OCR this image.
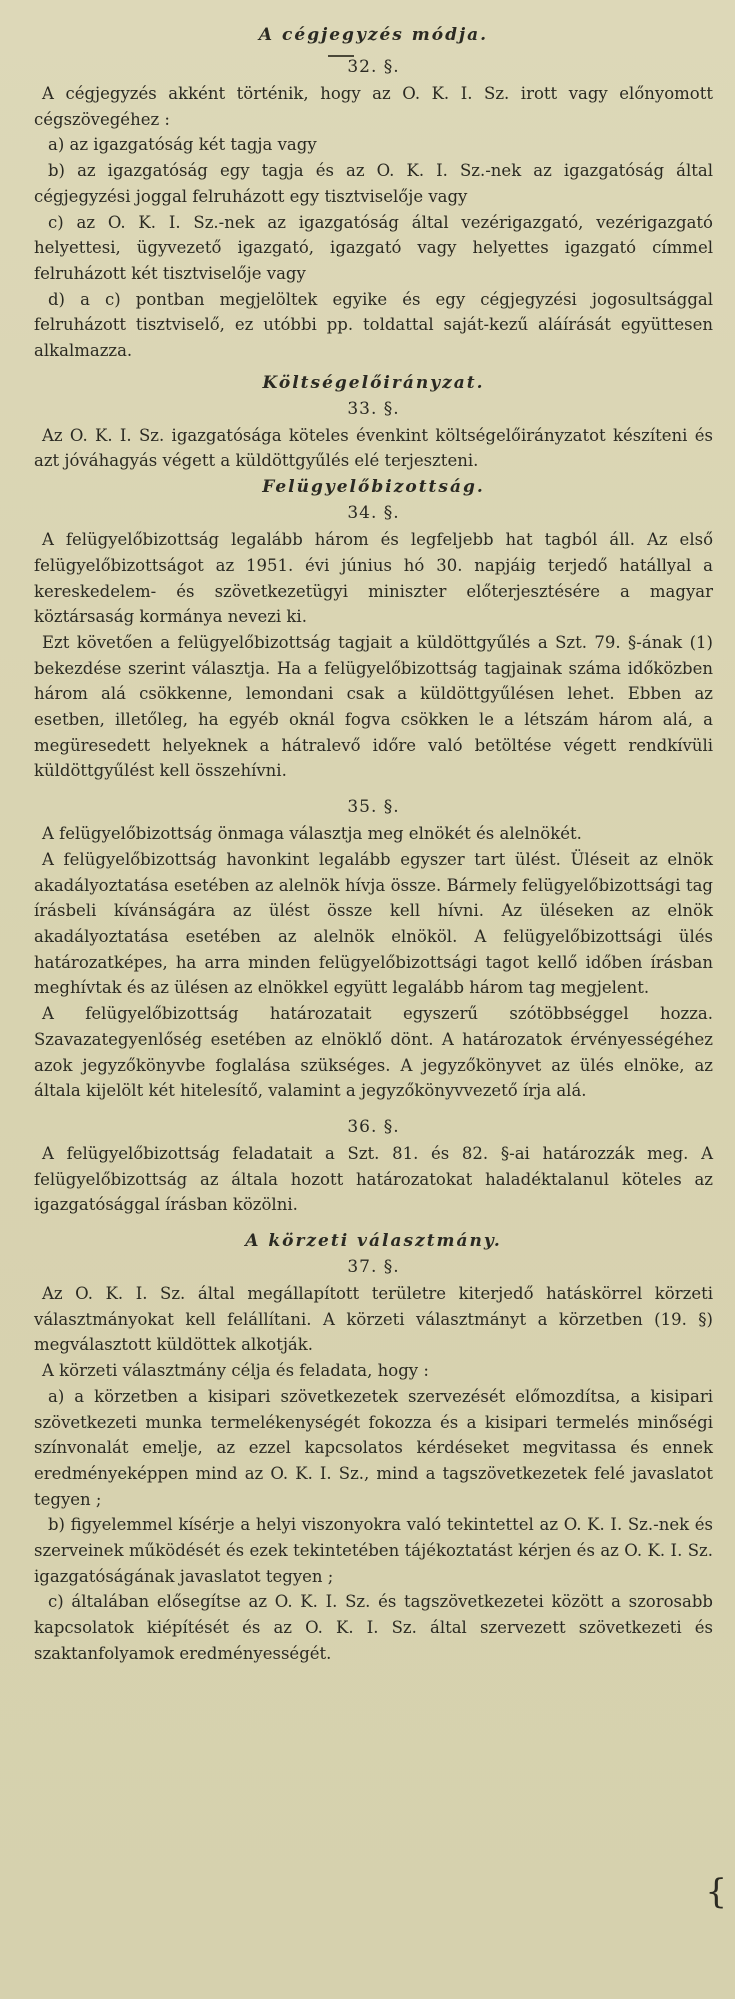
A cégjegyzés módja.
32. §.

A cégjegyzés akként történik, hogy az O. K. I. Sz. irott vagy előnyomott cégszövegéhez :

a) az igazgatóság két tagja vagy

b) az igazgatóság egy tagja és az O. K. I. Sz.-nek az igazgatóság által cégjegyzési joggal felruházott egy tisztviselője vagy

c) az O. K. I. Sz.-nek az igazgatóság által vezérigazgató, vezérigazgató helyettesi, ügyvezető igazgató, igazgató vagy helyettes igazgató címmel felruházott két tisztviselője vagy

d) a c) pontban megjelöltek egyike és egy cégjegyzési jogosultsággal felruházott tisztviselő, ez utóbbi pp. toldattal saját-kezű aláírását együttesen alkalmazza.

Költségelőirányzat.
33. §.

Az O. K. I. Sz. igazgatósága köteles évenkint költségelőirányzatot készíteni és azt jóváhagyás végett a küldöttgyűlés elé terjeszteni.

Felügyelőbizottság.
34. §.

A felügyelőbizottság legalább három és legfeljebb hat tagból áll. Az első felügyelőbizottságot az 1951. évi június hó 30. napjáig terjedő hatállyal a kereskedelem- és szövetkezetügyi miniszter előterjesztésére a magyar köztársaság kormánya nevezi ki.

Ezt követően a felügyelőbizottság tagjait a küldöttgyűlés a Szt. 79. §-ának (1) bekezdése szerint választja. Ha a felügyelőbizottság tagjainak száma időközben három alá csökkenne, lemondani csak a küldöttgyűlésen lehet. Ebben az esetben, illetőleg, ha egyéb oknál fogva csökken le a létszám három alá, a megüresedett helyeknek a hátralevő időre való betöltése végett rendkívüli küldöttgyűlést kell összehívni.

35. §.

A felügyelőbizottság önmaga választja meg elnökét és alelnökét.

A felügyelőbizottság havonkint legalább egyszer tart ülést. Üléseit az elnök akadályoztatása esetében az alelnök hívja össze. Bármely felügyelőbizottsági tag írásbeli kívánságára az ülést össze kell hívni. Az üléseken az elnök akadályoztatása esetében az alelnök elnököl. A felügyelőbizottsági ülés határozatképes, ha arra minden felügyelőbizottsági tagot kellő időben írásban meghívtak és az ülésen az elnökkel együtt legalább három tag megjelent.

A felügyelőbizottság határozatait egyszerű szótöbbséggel hozza. Szavazategyenlőség esetében az elnöklő dönt. A határozatok érvényességéhez azok jegyzőkönyvbe foglalása szükséges. A jegyzőkönyvet az ülés elnöke, az általa kijelölt két hitelesítő, valamint a jegyzőkönyvvezető írja alá.

36. §.

A felügyelőbizottság feladatait a Szt. 81. és 82. §-ai határozzák meg. A felügyelőbizottság az általa hozott határozatokat haladéktalanul köteles az igazgatósággal írásban közölni.

A körzeti választmány.
37. §.

Az O. K. I. Sz. által megállapított területre kiterjedő hatáskörrel körzeti választmányokat kell felállítani. A körzeti választmányt a körzetben (19. §) megválasztott küldöttek alkotják.

A körzeti választmány célja és feladata, hogy :

a) a körzetben a kisipari szövetkezetek szervezését előmozdítsa, a kisipari szövetkezeti munka termelékenységét fokozza és a kisipari termelés minőségi színvonalát emelje, az ezzel kapcsolatos kérdéseket megvitassa és ennek eredményeképpen mind az O. K. I. Sz., mind a tagszövetkezetek felé javaslatot tegyen ;

b) figyelemmel kísérje a helyi viszonyokra való tekintettel az O. K. I. Sz.-nek és szerveinek működését és ezek tekintetében tájékoztatást kérjen és az O. K. I. Sz. igazgatóságának javaslatot tegyen ;

c) általában elősegítse az O. K. I. Sz. és tagszövetkezetei között a szorosabb kapcsolatok kiépítését és az O. K. I. Sz. által szervezett szövetkezeti és szaktanfolyamok eredményességét.

{
